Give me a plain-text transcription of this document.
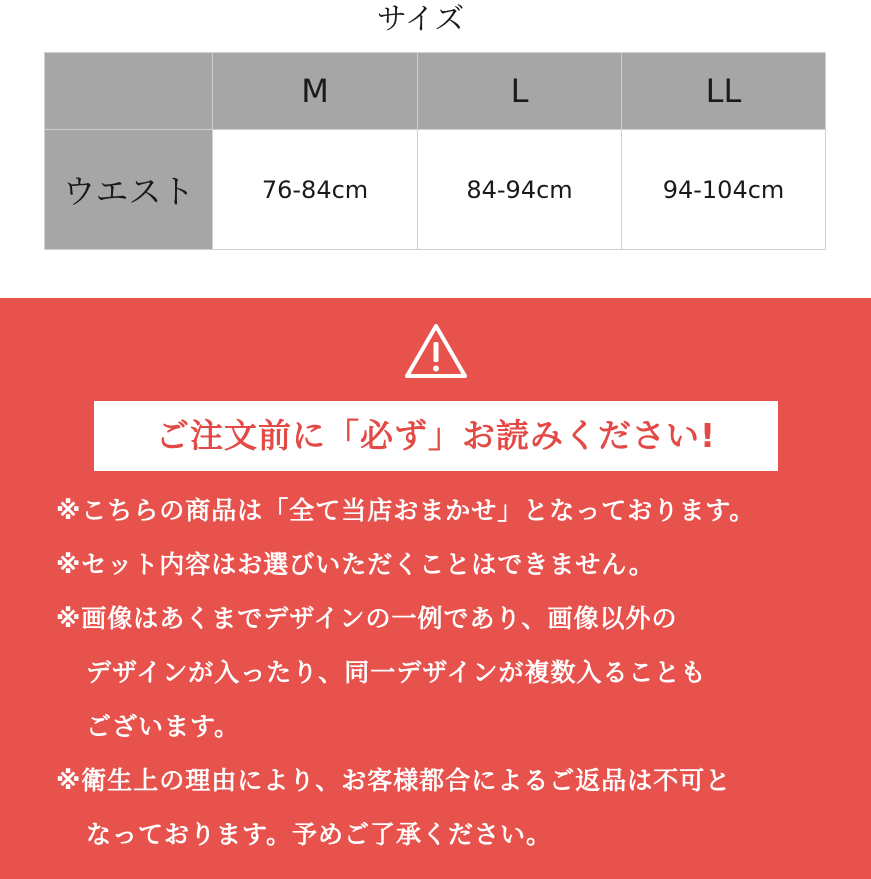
サイズ
	M	L	LL
ウエスト	76-84cm	84-94cm	94-104cm
ご注文前に「必ず」お読みください!
※こちらの商品は「全て当店おまかせ」となっております。
※セット内容はお選びいただくことはできません。
※画像はあくまでデザインの一例であり、画像以外の
デザインが入ったり、同一デザインが複数入ることも
ございます。
※衛生上の理由により、お客様都合によるご返品は不可と
なっております。予めご了承ください。
